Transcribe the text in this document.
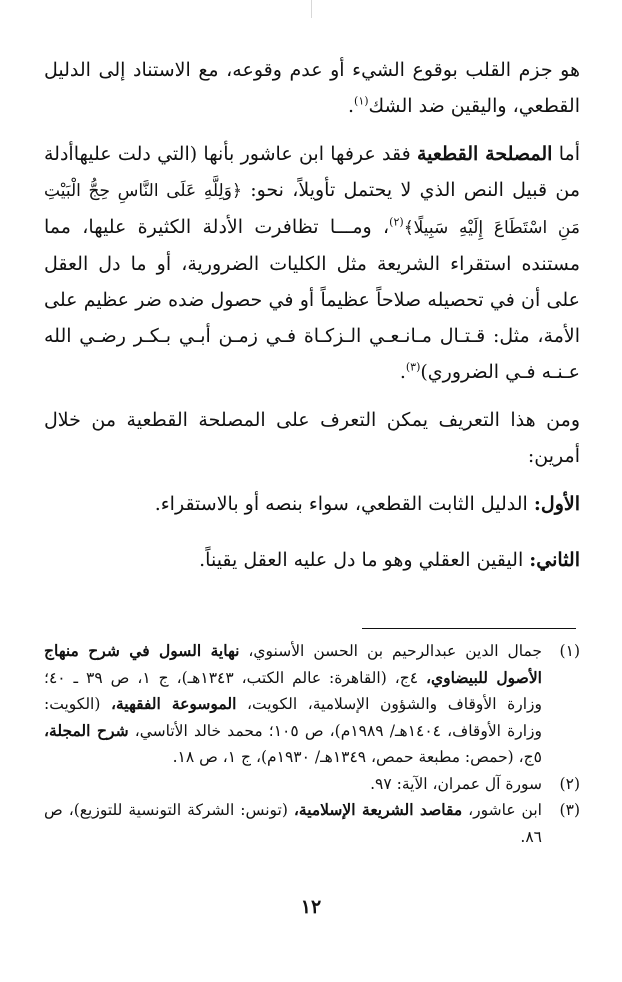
هو جزم القلب بوقوع الشيء أو عدم وقوعه، مع الاستناد إلى الدليل القطعي، واليقين ضد الشك$^{(١)}$.

أما المصلحة القطعية فقد عرفها ابن عاشور بأنها (التي دلت عليهاأدلة من قبيل النص الذي لا يحتمل تأويلاً، نحو: ﴿وَلِلَّهِ عَلَى النَّاسِ حِجُّ الْبَيْتِ مَنِ اسْتَطَاعَ إِلَيْهِ سَبِيلًا﴾$^{(٢)}$، ومـــا تظافرت الأدلة الكثيرة عليها، مما مستنده استقراء الشريعة مثل الكليات الضرورية، أو ما دل العقل على أن في تحصيله صلاحاً عظيماً أو في حصول ضده ضر عظيم على الأمة، مثل: قـتـال مـانـعـي الـزكـاة فـي زمـن أبـي بـكـر رضـي الله عـنـه فـي الضروري)$^{(٣)}$.

ومن هذا التعريف يمكن التعرف على المصلحة القطعية من خلال أمرين:

الأول: الدليل الثابت القطعي، سواء بنصه أو بالاستقراء.

الثاني: اليقين العقلي وهو ما دل عليه العقل يقيناً.

(١)
جمال الدين عبدالرحيم بن الحسن الأسنوي، نهاية السول في شرح منهاج الأصول للبيضاوي، ٤ج، (القاهرة: عالم الكتب، ١٣٤٣هـ)، ج ١، ص ٣٩ ـ ٤٠؛ وزارة الأوقاف والشؤون الإسلامية، الكويت، الموسوعة الفقهية، (الكويت: وزارة الأوقاف، ١٤٠٤هـ/ ١٩٨٩م)، ص ١٠٥؛ محمد خالد الأتاسي، شرح المجلة، ٥ج، (حمص: مطبعة حمص، ١٣٤٩هـ/ ١٩٣٠م)، ج ١، ص ١٨.
(٢)
سورة آل عمران، الآية: ٩٧.
(٣)
ابن عاشور، مقاصد الشريعة الإسلامية، (تونس: الشركة التونسية للتوزيع)، ص ٨٦.
١٢
